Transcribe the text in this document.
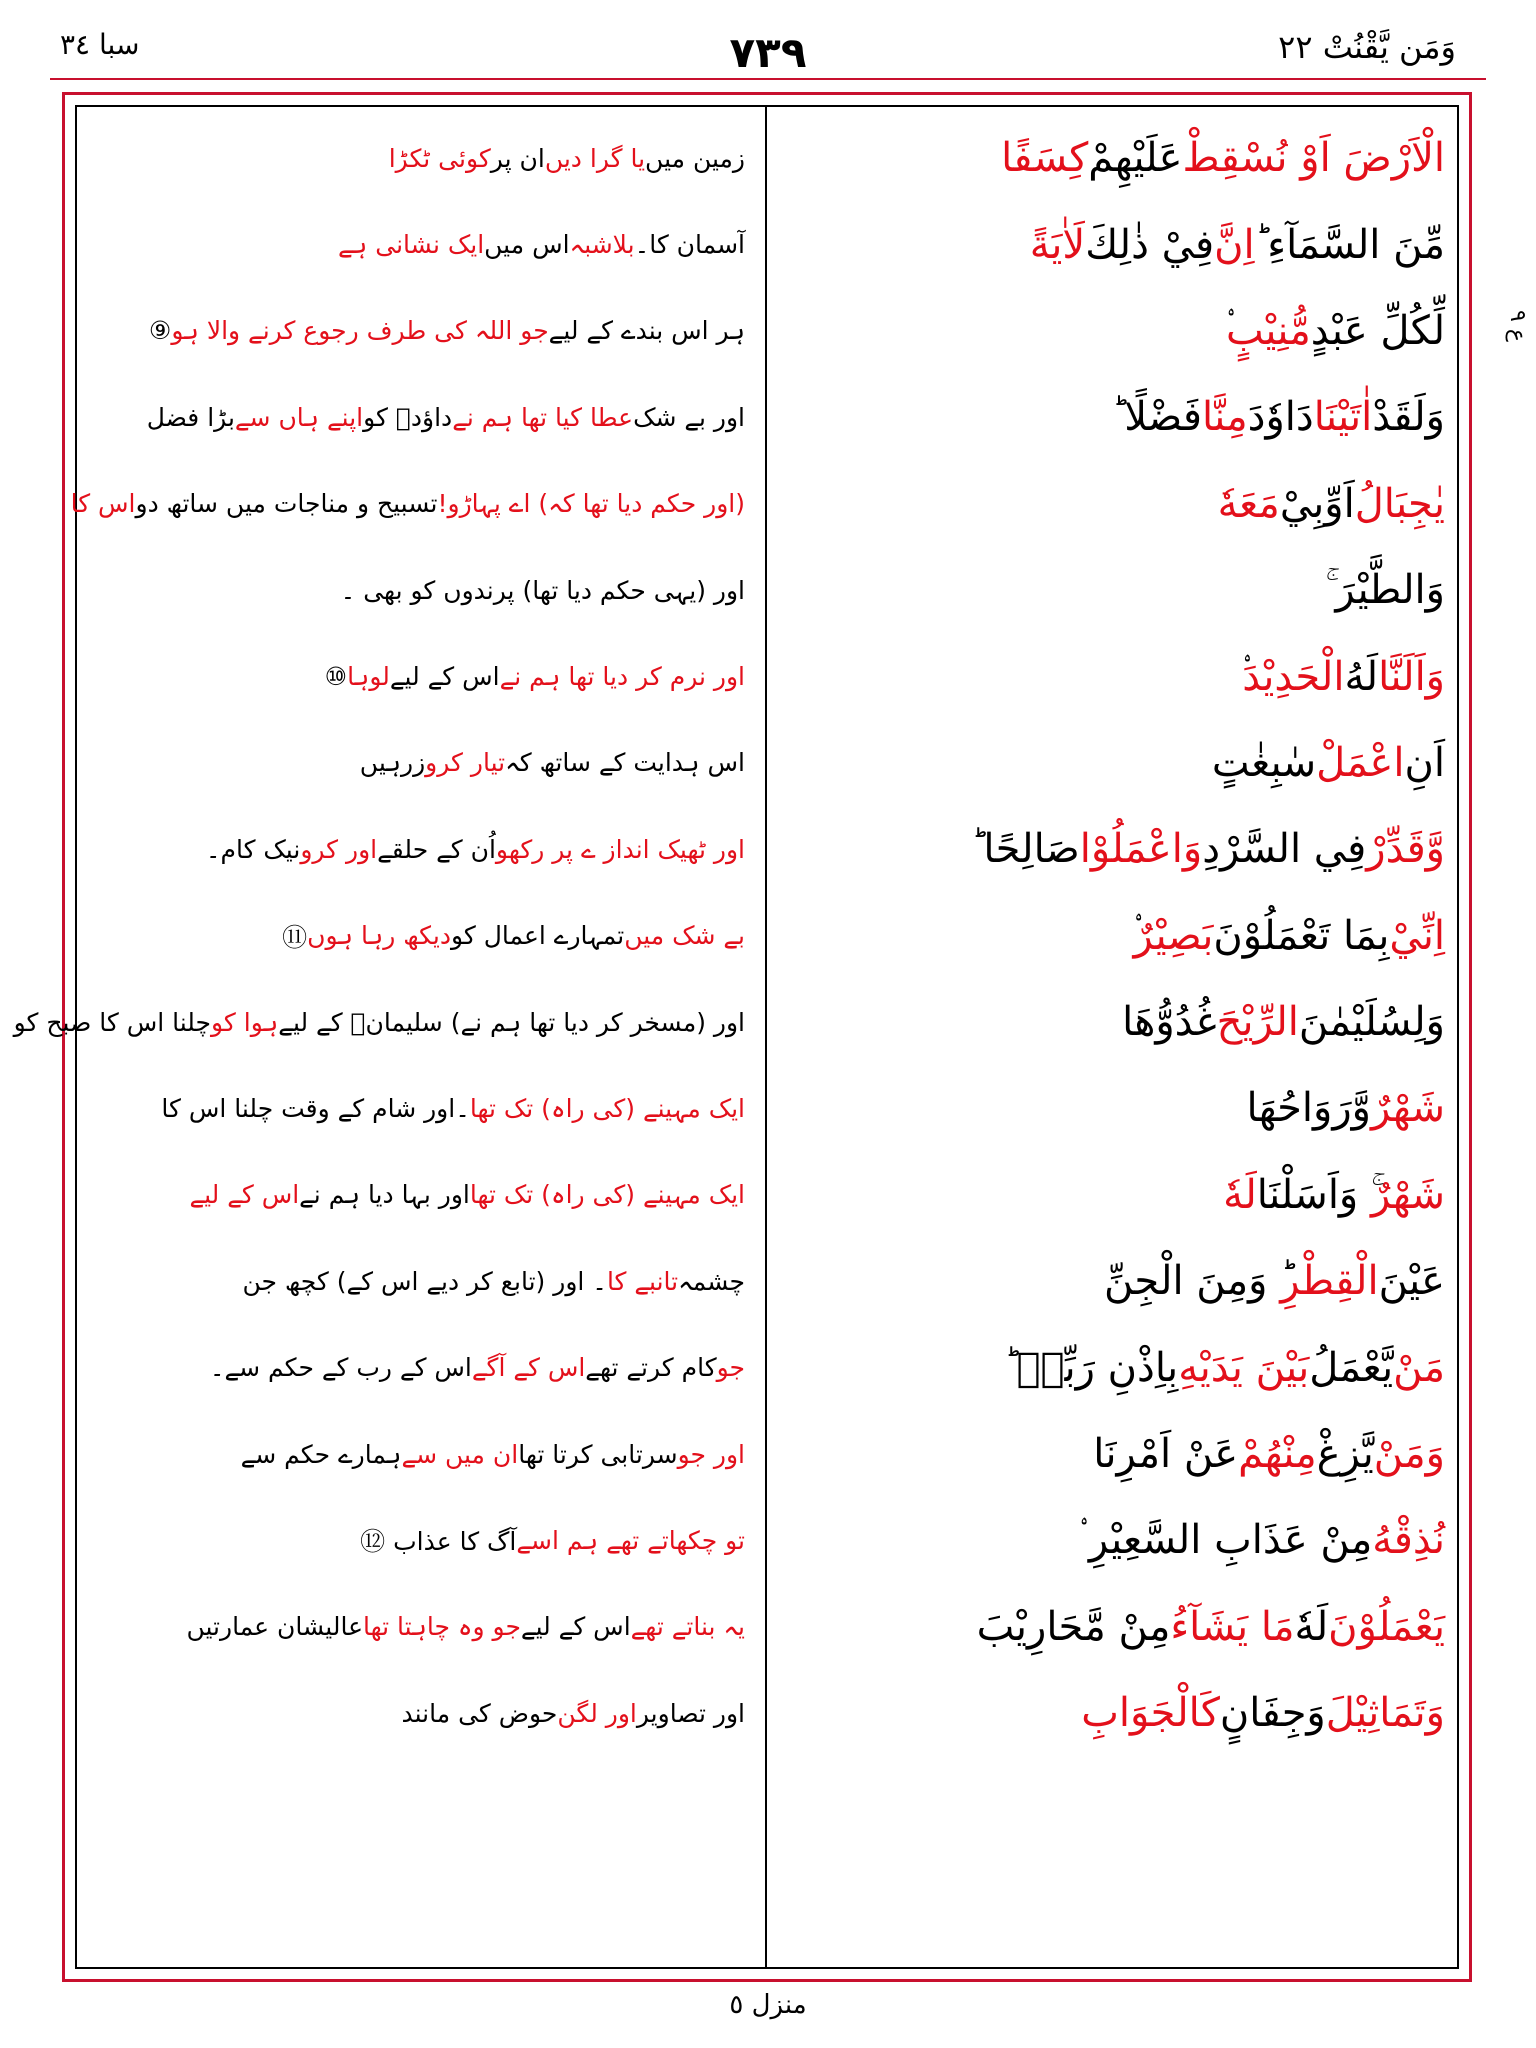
وَمَن يَّقْنُتْ ٢٢
٧٣٩
سبا ٣٤
ع ٩
الْاَرْضَ اَوْ نُسْقِطْ
عَلَيْهِمْ
كِسَفًا
مِّنَ السَّمَآءِ ؕ
اِنَّ
فِيْ ذٰلِكَ
لَاٰيَةً
لِّكُلِّ عَبْدٍ
مُّنِيْبٍ
وَلَقَدْ
اٰتَيْنَا
دَاوٗدَ
مِنَّا
فَضْلًا ؕ
يٰجِبَالُ
اَوِّبِيْ
مَعَهٗ
وَالطَّيْرَ ۚ
وَاَلَنَّا
لَهُ
الْحَدِيْدَ
اَنِ
اعْمَلْ
سٰبِغٰتٍ
وَّقَدِّرْ
فِي السَّرْدِ
وَاعْمَلُوْا
صَالِحًا ؕ
اِنِّيْ
بِمَا تَعْمَلُوْنَ
بَصِيْرٌ
وَلِسُلَيْمٰنَ
الرِّيْحَ
غُدُوُّهَا
شَهْرٌ
وَّرَوَاحُهَا
شَهْرٌ
ۚ وَاَسَلْنَا
لَهٗ
عَيْنَ
الْقِطْرِ
ؕ وَمِنَ الْجِنِّ
مَنْ
يَّعْمَلُ
بَيْنَ يَدَيْهِ
بِاِذْنِ رَبِّهٖ ؕ
وَمَنْ
يَّزِغْ
مِنْهُمْ
عَنْ اَمْرِنَا
نُذِقْهُ
مِنْ عَذَابِ السَّعِيْرِ ۟
يَعْمَلُوْنَ
لَهٗ
مَا يَشَآءُ
مِنْ مَّحَارِيْبَ
وَتَمَاثِيْلَ
وَجِفَانٍ
كَالْجَوَابِ
زمین میں
یا گرا دیں
ان پر
کوئی ٹکڑا
آسمان کا۔
بلاشبہ
اس میں
ایک نشانی ہے
ہر اس بندے کے لیے
جو اللہ کی طرف رجوع کرنے والا ہو
⑨
اور بے شک
عطا کیا تھا ہم نے
داؤدؑ کو
اپنے ہاں سے
بڑا فضل
(اور حکم دیا تھا کہ) اے پہاڑو!
تسبیح و مناجات میں ساتھ دو
اس کا
اور (یہی حکم دیا تھا) پرندوں کو بھی ۔
اور نرم کر دیا تھا ہم نے
اس کے لیے
لوہا
⑩
اس ہدایت کے ساتھ کہ
تیار کرو
زرہیں
اور ٹھیک انداز ے پر رکھو
اُن کے حلقے
اور کرو
نیک کام۔
بے شک میں
تمہارے اعمال کو
دیکھ رہا ہوں
⑪
اور (مسخر کر دیا تھا ہم نے) سلیمانؑ کے لیے
ہوا کو
چلنا اس کا صبح کو
ایک مہینے (کی راہ) تک تھا
۔اور شام کے وقت چلنا اس کا
ایک مہینے (کی راہ) تک تھا
اور بہا دیا ہم نے
اس کے لیے
چشمہ
تانبے کا
۔ اور (تابع کر دیے اس کے) کچھ جن
جو
کام کرتے تھے
اس کے آگے
اس کے رب کے حکم سے۔
اور جو
سرتابی کرتا تھا
ان میں سے
ہمارے حکم سے
تو چکھاتے تھے ہم اسے
آگ کا عذاب ⑫
یہ بناتے تھے
اس کے لیے
جو وہ چاہتا تھا
عالیشان عمارتیں
اور تصاویر
اور لگن
حوض کی مانند
منزل ٥
